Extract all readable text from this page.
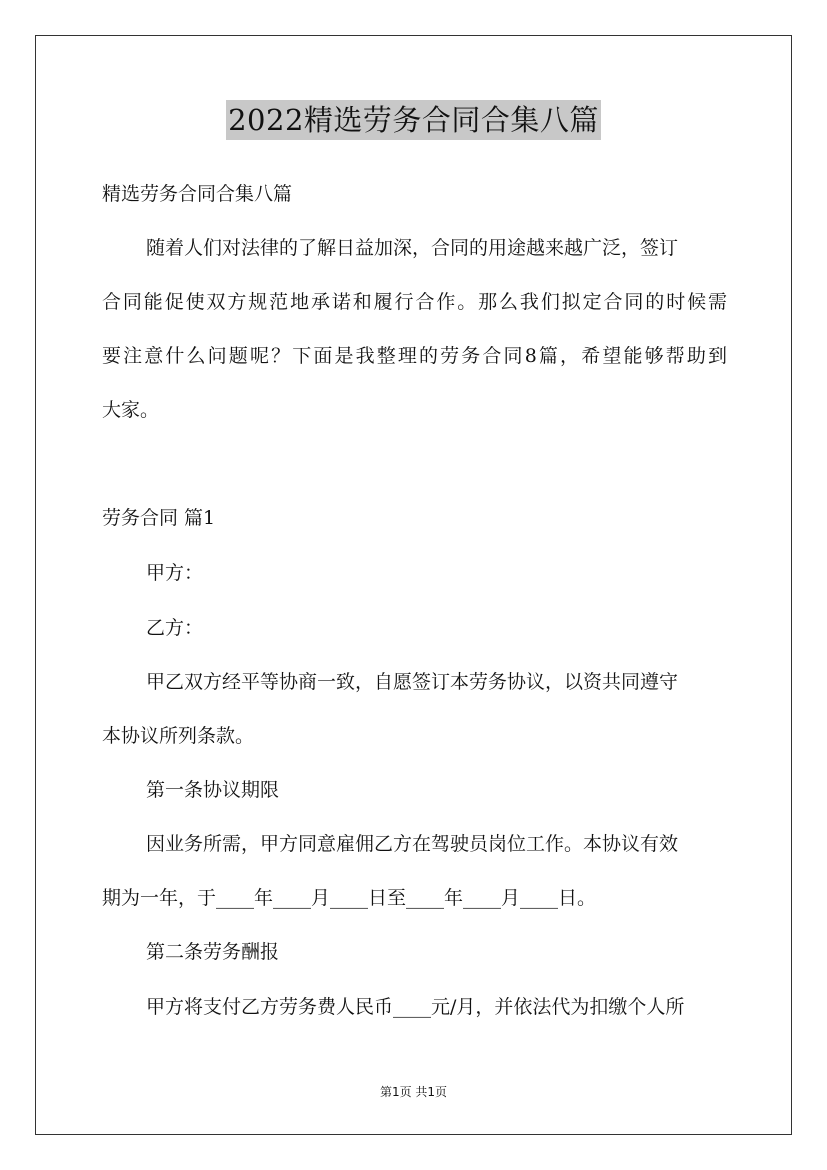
2022精选劳务合同合集八篇
精选劳务合同合集八篇
随着人们对法律的了解日益加深，合同的用途越来越广泛，签订
合同能促使双方规范地承诺和履行合作。那么我们拟定合同的时候需
要注意什么问题呢？下面是我整理的劳务合同8篇，希望能够帮助到
大家。
劳务合同 篇1
甲方：
乙方：
甲乙双方经平等协商一致，自愿签订本劳务协议，以资共同遵守
本协议所列条款。
第一条协议期限
因业务所需，甲方同意雇佣乙方在驾驶员岗位工作。本协议有效
期为一年，于____年____月____日至____年____月____日。
第二条劳务酬报
甲方将支付乙方劳务费人民币____元/月，并依法代为扣缴个人所
第1页 共1页
